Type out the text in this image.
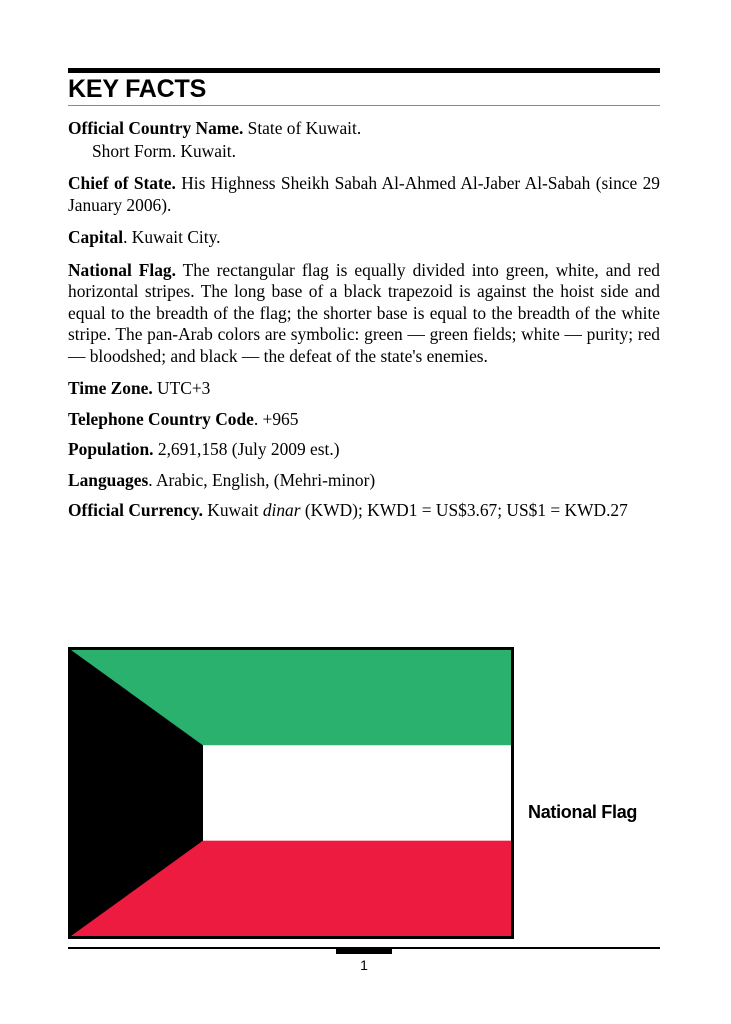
KEY FACTS
Official Country Name. State of Kuwait.
Short Form. Kuwait.
Chief of State. His Highness Sheikh Sabah Al-Ahmed Al-Jaber Al-Sabah (since 29 January 2006).
Capital. Kuwait City.
National Flag. The rectangular flag is equally divided into green, white, and red horizontal stripes. The long base of a black trapezoid is against the hoist side and equal to the breadth of the flag; the shorter base is equal to the breadth of the white stripe. The pan-Arab colors are symbolic: green — green fields; white — purity; red — bloodshed; and black — the defeat of the state's enemies.
Time Zone. UTC+3
Telephone Country Code. +965
Population. 2,691,158 (July 2009 est.)
Languages. Arabic, English, (Mehri-minor)
Official Currency. Kuwait dinar (KWD); KWD1 = US$3.67; US$1 = KWD.27
National Flag
1
